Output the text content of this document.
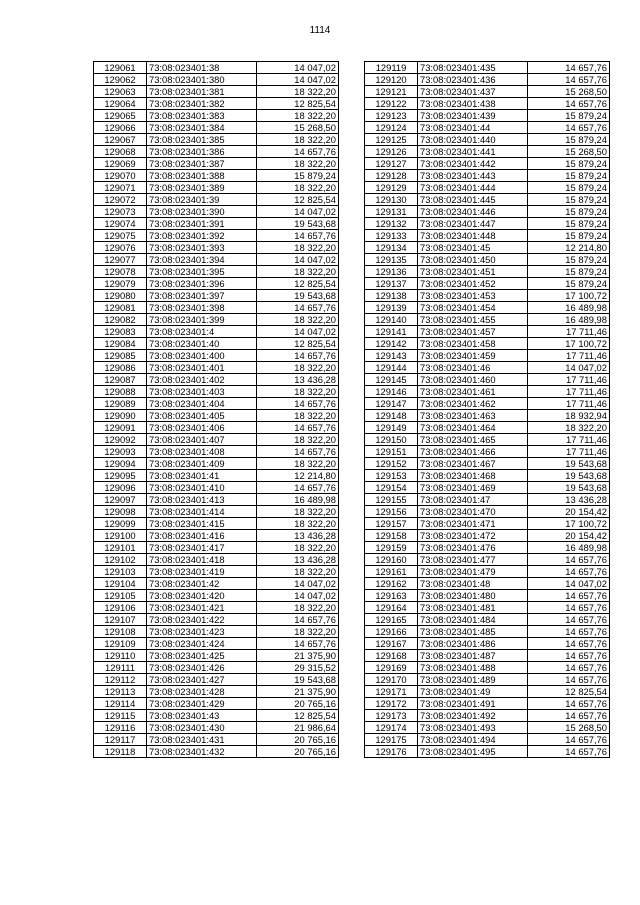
1114
129061	73:08:023401:38	14 047,02
129062	73:08:023401:380	14 047,02
129063	73:08:023401:381	18 322,20
129064	73:08:023401:382	12 825,54
129065	73:08:023401:383	18 322,20
129066	73:08:023401:384	15 268,50
129067	73:08:023401:385	18 322,20
129068	73:08:023401:386	14 657,76
129069	73:08:023401:387	18 322,20
129070	73:08:023401:388	15 879,24
129071	73:08:023401:389	18 322,20
129072	73:08:023401:39	12 825,54
129073	73:08:023401:390	14 047,02
129074	73:08:023401:391	19 543,68
129075	73:08:023401:392	14 657,76
129076	73:08:023401:393	18 322,20
129077	73:08:023401:394	14 047,02
129078	73:08:023401:395	18 322,20
129079	73:08:023401:396	12 825,54
129080	73:08:023401:397	19 543,68
129081	73:08:023401:398	14 657,76
129082	73:08:023401:399	18 322,20
129083	73:08:023401:4	14 047,02
129084	73:08:023401:40	12 825,54
129085	73:08:023401:400	14 657,76
129086	73:08:023401:401	18 322,20
129087	73:08:023401:402	13 436,28
129088	73:08:023401:403	18 322,20
129089	73:08:023401:404	14 657,76
129090	73:08:023401:405	18 322,20
129091	73:08:023401:406	14 657,76
129092	73:08:023401:407	18 322,20
129093	73:08:023401:408	14 657,76
129094	73:08:023401:409	18 322,20
129095	73:08:023401:41	12 214,80
129096	73:08:023401:410	14 657,76
129097	73:08:023401:413	16 489,98
129098	73:08:023401:414	18 322,20
129099	73:08:023401:415	18 322,20
129100	73:08:023401:416	13 436,28
129101	73:08:023401:417	18 322,20
129102	73:08:023401:418	13 436,28
129103	73:08:023401:419	18 322,20
129104	73:08:023401:42	14 047,02
129105	73:08:023401:420	14 047,02
129106	73:08:023401:421	18 322,20
129107	73:08:023401:422	14 657,76
129108	73:08:023401:423	18 322,20
129109	73:08:023401:424	14 657,76
129110	73:08:023401:425	21 375,90
129111	73:08:023401:426	29 315,52
129112	73:08:023401:427	19 543,68
129113	73:08:023401:428	21 375,90
129114	73:08:023401:429	20 765,16
129115	73:08:023401:43	12 825,54
129116	73:08:023401:430	21 986,64
129117	73:08:023401:431	20 765,16
129118	73:08:023401:432	20 765,16
129119	73:08:023401:435	14 657,76
129120	73:08:023401:436	14 657,76
129121	73:08:023401:437	15 268,50
129122	73:08:023401:438	14 657,76
129123	73:08:023401:439	15 879,24
129124	73:08:023401:44	14 657,76
129125	73:08:023401:440	15 879,24
129126	73:08:023401:441	15 268,50
129127	73:08:023401:442	15 879,24
129128	73:08:023401:443	15 879,24
129129	73:08:023401:444	15 879,24
129130	73:08:023401:445	15 879,24
129131	73:08:023401:446	15 879,24
129132	73:08:023401:447	15 879,24
129133	73:08:023401:448	15 879,24
129134	73:08:023401:45	12 214,80
129135	73:08:023401:450	15 879,24
129136	73:08:023401:451	15 879,24
129137	73:08:023401:452	15 879,24
129138	73:08:023401:453	17 100,72
129139	73:08:023401:454	16 489,98
129140	73:08:023401:455	16 489,98
129141	73:08:023401:457	17 711,46
129142	73:08:023401:458	17 100,72
129143	73:08:023401:459	17 711,46
129144	73:08:023401:46	14 047,02
129145	73:08:023401:460	17 711,46
129146	73:08:023401:461	17 711,46
129147	73:08:023401:462	17 711,46
129148	73:08:023401:463	18 932,94
129149	73:08:023401:464	18 322,20
129150	73:08:023401:465	17 711,46
129151	73:08:023401:466	17 711,46
129152	73:08:023401:467	19 543,68
129153	73:08:023401:468	19 543,68
129154	73:08:023401:469	19 543,68
129155	73:08:023401:47	13 436,28
129156	73:08:023401:470	20 154,42
129157	73:08:023401:471	17 100,72
129158	73:08:023401:472	20 154,42
129159	73:08:023401:476	16 489,98
129160	73:08:023401:477	14 657,76
129161	73:08:023401:479	14 657,76
129162	73:08:023401:48	14 047,02
129163	73:08:023401:480	14 657,76
129164	73:08:023401:481	14 657,76
129165	73:08:023401:484	14 657,76
129166	73:08:023401:485	14 657,76
129167	73:08:023401:486	14 657,76
129168	73:08:023401:487	14 657,76
129169	73:08:023401:488	14 657,76
129170	73:08:023401:489	14 657,76
129171	73:08:023401:49	12 825,54
129172	73:08:023401:491	14 657,76
129173	73:08:023401:492	14 657,76
129174	73:08:023401:493	15 268,50
129175	73:08:023401:494	14 657,76
129176	73:08:023401:495	14 657,76
